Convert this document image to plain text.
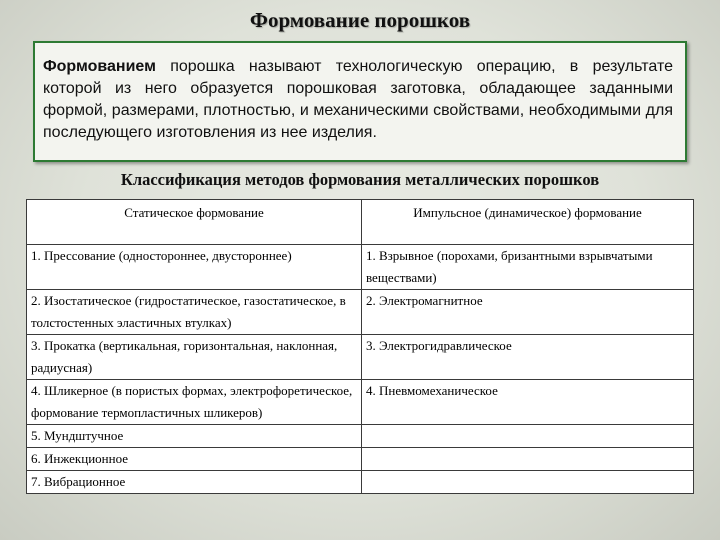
Формование порошков
Формованием порошка называют технологическую операцию, в результате которой из него образуется порошковая заготовка, обладающее заданными формой, размерами, плотностью, и механическими свойствами, необходимыми для последующего изготовления из нее изделия.
Классификация методов формования металлических порошков
Статическое формование	Импульсное (динамическое) формование
1. Прессование (одностороннее, двустороннее)	1. Взрывное (порохами, бризантными взрывчатыми веществами)
2. Изостатическое (гидростатическое, газостатическое, в толстостенных эластичных втулках)	2. Электромагнитное
3. Прокатка (вертикальная, горизонтальная, наклонная, радиусная)	3. Электрогидравлическое
4. Шликерное (в пористых формах, электрофоретическое, формование термопластичных шликеров)	4. Пневмомеханическое
5. Мундштучное	
6. Инжекционное	
7. Вибрационное	
